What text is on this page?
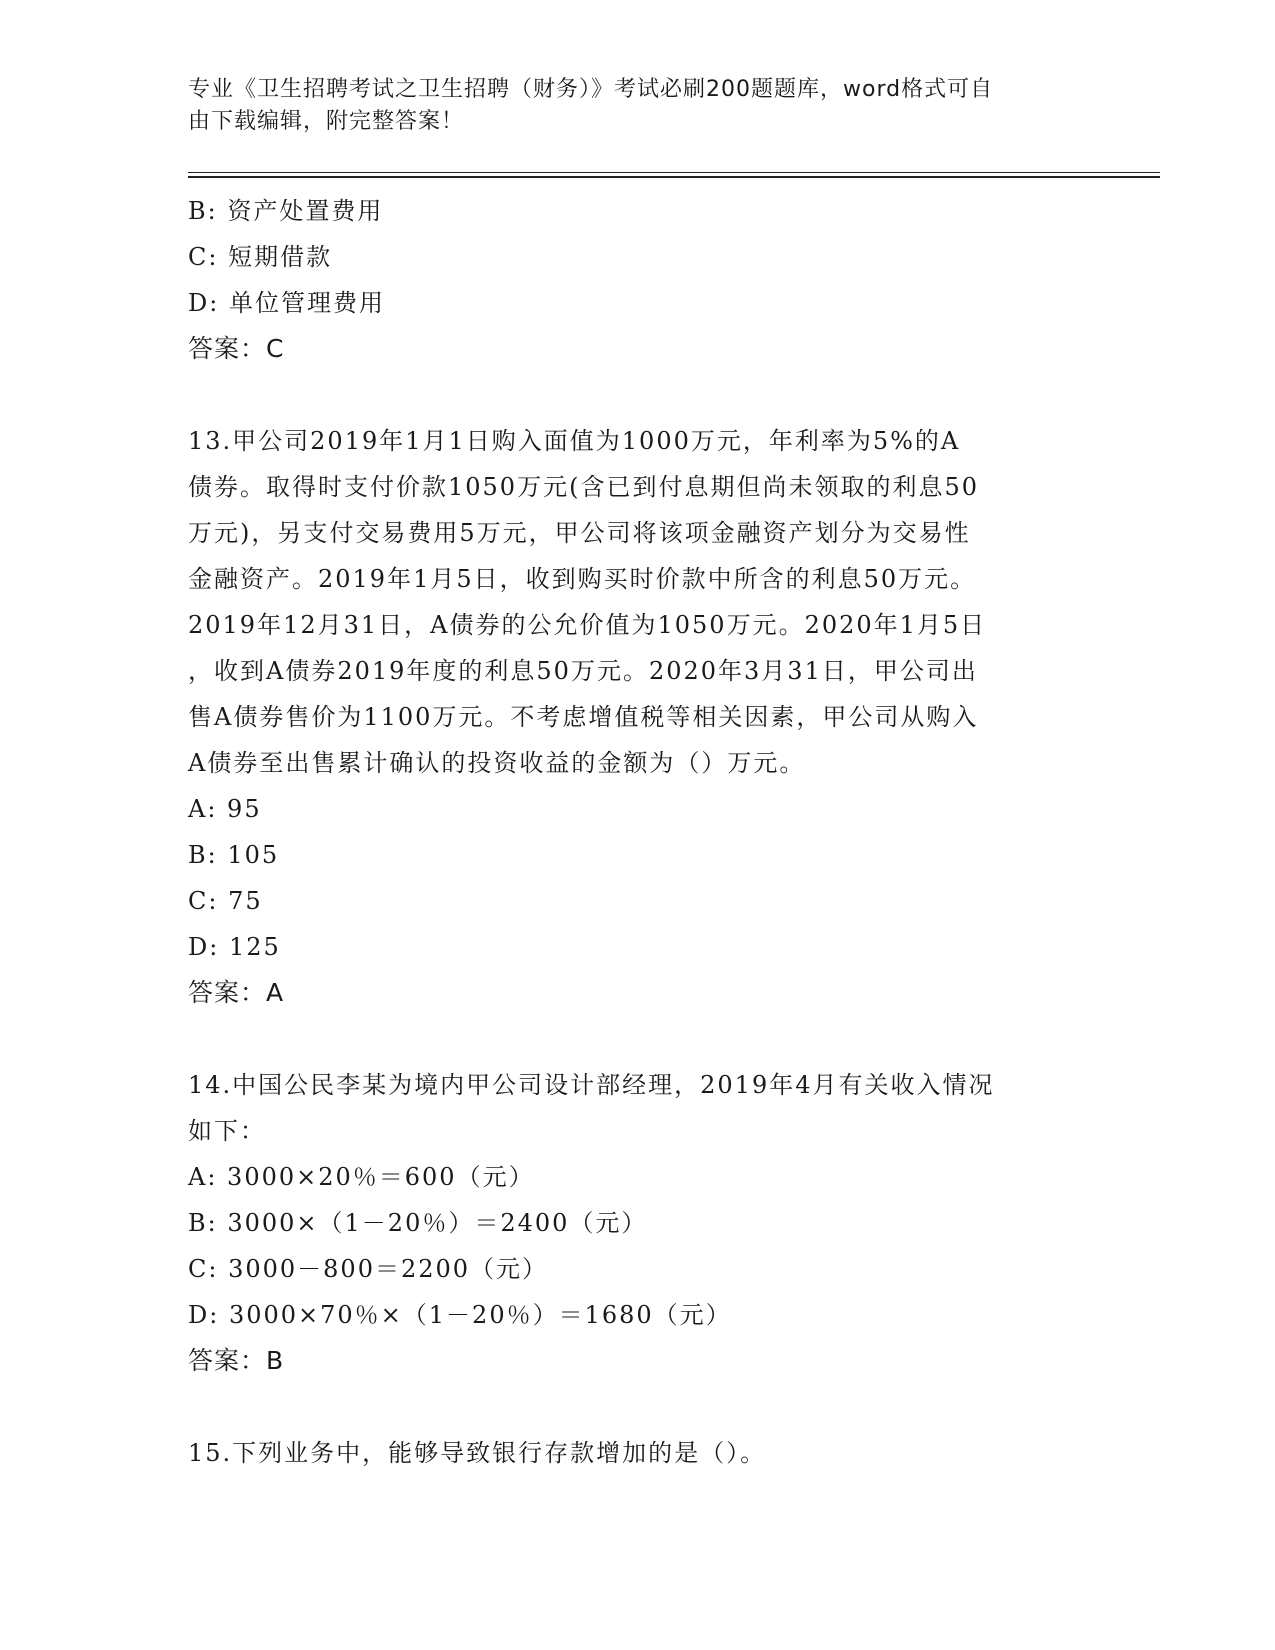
专业《卫生招聘考试之卫生招聘（财务）》考试必刷200题题库，word格式可自
由下载编辑，附完整答案！
B: 资产处置费用
C: 短期借款
D: 单位管理费用
答案：C
13.甲公司2019年1月1日购入面值为1000万元，年利率为5%的A
债券。取得时支付价款1050万元(含已到付息期但尚未领取的利息50
万元)，另支付交易费用5万元，甲公司将该项金融资产划分为交易性
金融资产。2019年1月5日，收到购买时价款中所含的利息50万元。
2019年12月31日，A债券的公允价值为1050万元。2020年1月5日
，收到A债券2019年度的利息50万元。2020年3月31日，甲公司出
售A债券售价为1100万元。不考虑增值税等相关因素，甲公司从购入
A债券至出售累计确认的投资收益的金额为（）万元。
A: 95
B: 105
C: 75
D: 125
答案：A
14.中国公民李某为境内甲公司设计部经理，2019年4月有关收入情况
如下：
A: 3000×20％＝600（元）
B: 3000×（1－20％）＝2400（元）
C: 3000－800＝2200（元）
D: 3000×70％×（1－20％）＝1680（元）
答案：B
15.下列业务中，能够导致银行存款增加的是（）。
